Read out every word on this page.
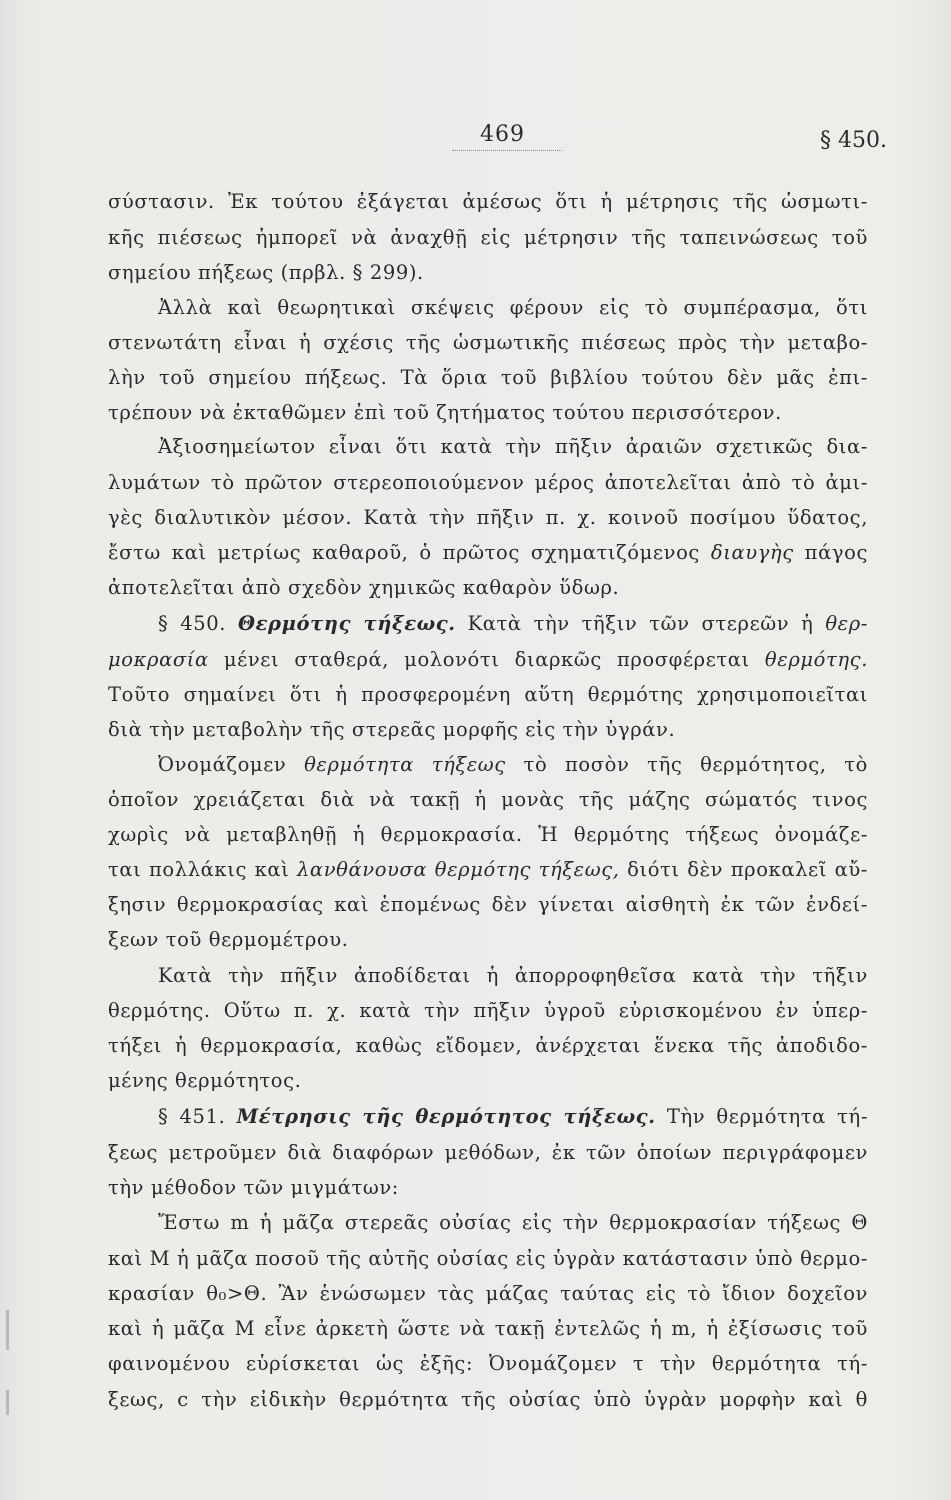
469	§ 450.
σύστασιν. Ἐκ τούτου ἐξάγεται ἀμέσως ὅτι ἡ μέτρησις τῆς ὡσμωτι-
κῆς πιέσεως ἠμπορεῖ νὰ ἀναχθῇ εἰς μέτρησιν τῆς ταπεινώσεως τοῦ
σημείου πήξεως (πρβλ. § 299).
Ἀλλὰ καὶ θεωρητικαὶ σκέψεις φέρουν εἰς τὸ συμπέρασμα, ὅτι
στενωτάτη εἶναι ἡ σχέσις τῆς ὡσμωτικῆς πιέσεως πρὸς τὴν μεταβο-
λὴν τοῦ σημείου πήξεως. Τὰ ὅρια τοῦ βιβλίου τούτου δὲν μᾶς ἐπι-
τρέπουν νὰ ἐκταθῶμεν ἐπὶ τοῦ ζητήματος τούτου περισσότερον.
Ἀξιοσημείωτον εἶναι ὅτι κατὰ τὴν πῆξιν ἀραιῶν σχετικῶς δια-
λυμάτων τὸ πρῶτον στερεοποιούμενον μέρος ἀποτελεῖται ἀπὸ τὸ ἀμι-
γὲς διαλυτικὸν μέσον. Κατὰ τὴν πῆξιν π. χ. κοινοῦ ποσίμου ὕδατος,
ἔστω καὶ μετρίως καθαροῦ, ὁ πρῶτος σχηματιζόμενος διαυγὴς πάγος
ἀποτελεῖται ἀπὸ σχεδὸν χημικῶς καθαρὸν ὕδωρ.
§ 450. Θερμότης τήξεως. Κατὰ τὴν τῆξιν τῶν στερεῶν ἡ θερ-
μοκρασία μένει σταθερά, μολονότι διαρκῶς προσφέρεται θερμότης.
Τοῦτο σημαίνει ὅτι ἡ προσφερομένη αὕτη θερμότης χρησιμοποιεῖται
διὰ τὴν μεταβολὴν τῆς στερεᾶς μορφῆς εἰς τὴν ὑγράν.
Ὀνομάζομεν θερμότητα τήξεως τὸ ποσὸν τῆς θερμότητος, τὸ
ὁποῖον χρειάζεται διὰ νὰ τακῇ ἡ μονὰς τῆς μάζης σώματός τινος
χωρὶς νὰ μεταβληθῇ ἡ θερμοκρασία. Ἡ θερμότης τήξεως ὀνομάζε-
ται πολλάκις καὶ λανθάνουσα θερμότης τήξεως, διότι δὲν προκαλεῖ αὔ-
ξησιν θερμοκρασίας καὶ ἑπομένως δὲν γίνεται αἰσθητὴ ἐκ τῶν ἐνδεί-
ξεων τοῦ θερμομέτρου.
Κατὰ τὴν πῆξιν ἀποδίδεται ἡ ἀπορροφηθεῖσα κατὰ τὴν τῆξιν
θερμότης. Οὕτω π. χ. κατὰ τὴν πῆξιν ὑγροῦ εὑρισκομένου ἐν ὑπερ-
τήξει ἡ θερμοκρασία, καθὼς εἴδομεν, ἀνέρχεται ἕνεκα τῆς ἀποδιδο-
μένης θερμότητος.
§ 451. Μέτρησις τῆς θερμότητος τήξεως. Τὴν θερμότητα τή-
ξεως μετροῦμεν διὰ διαφόρων μεθόδων, ἐκ τῶν ὁποίων περιγράφομεν
τὴν μέθοδον τῶν μιγμάτων:
Ἔστω m ἡ μᾶζα στερεᾶς οὐσίας εἰς τὴν θερμοκρασίαν τήξεως Θ
καὶ M ἡ μᾶζα ποσοῦ τῆς αὐτῆς οὐσίας εἰς ὑγρὰν κατάστασιν ὑπὸ θερμο-
κρασίαν θ₀>Θ. Ἂν ἑνώσωμεν τὰς μάζας ταύτας εἰς τὸ ἴδιον δοχεῖον
καὶ ἡ μᾶζα M εἶνε ἀρκετὴ ὥστε νὰ τακῇ ἐντελῶς ἡ m, ἡ ἐξίσωσις τοῦ
φαινομένου εὑρίσκεται ὡς ἑξῆς: Ὀνομάζομεν τ τὴν θερμότητα τή-
ξεως, c τὴν εἰδικὴν θερμότητα τῆς οὐσίας ὑπὸ ὑγρὰν μορφὴν καὶ θ
